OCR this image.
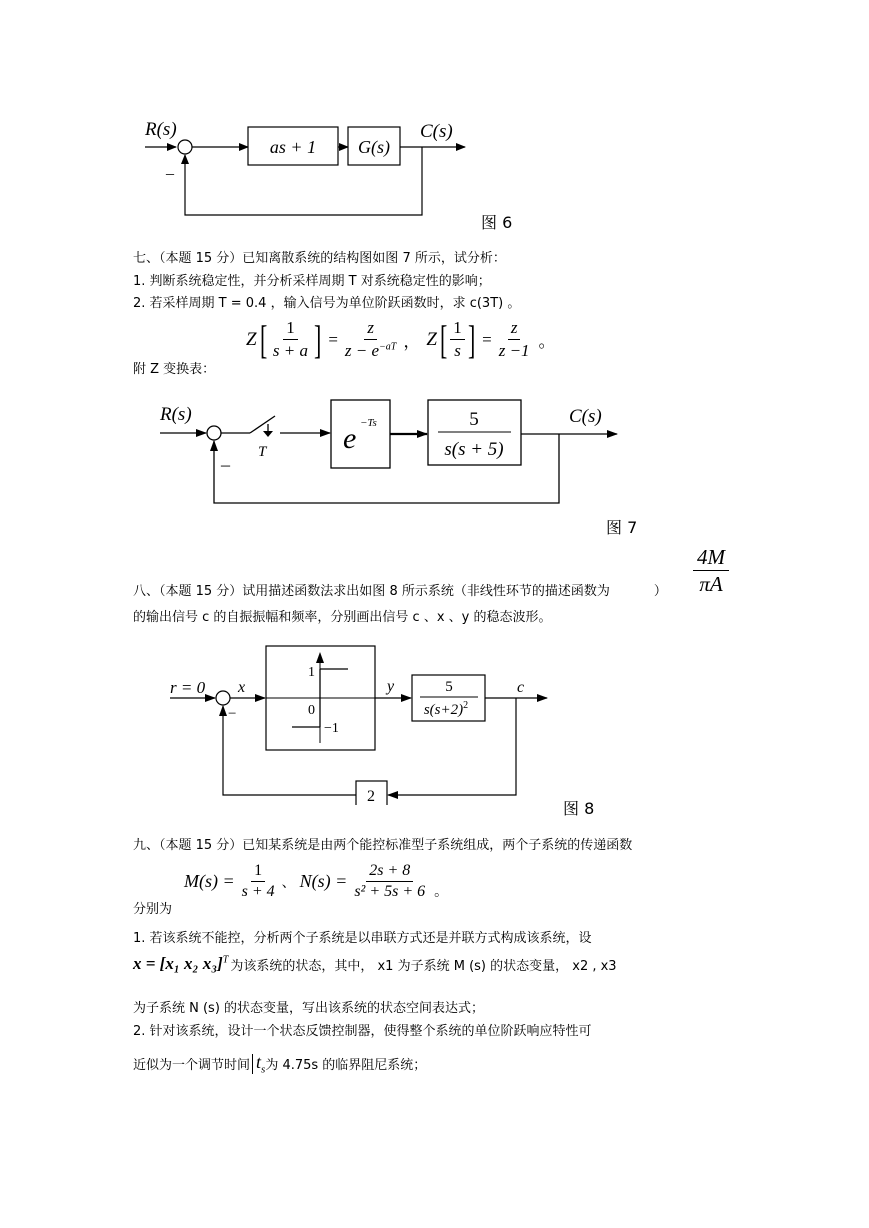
R(s)
as + 1 G(s)
C(s)
_
图 6
七、（本题 15 分）已知离散系统的结构图如图 7 所示，试分析：
1. 判断系统稳定性，并分析采样周期 T 对系统稳定性的影响；
2. 若采样周期 T = 0.4 ，输入信号为单位阶跃函数时，求 c(3T) 。
附 Z 变换表：
Z [ $\frac{1}{s + a}$ ] = $\frac{z}{z - e^{-aT}}$ ， Z [ $\frac{1}{s}$ ] = $\frac{z}{z -1}$ 。
R(s)
T	e −Ts	5
s(s + 5)
C(s)
_
图 7
$\frac{4M}{\pi A}$
八、（本题 15 分）试用描述函数法求出如图 8 所示系统（非线性环节的描述函数为	）
的输出信号 c 的自振振幅和频率，分别画出信号 c 、x 、y 的稳态波形。
r = 0
−
x
1
0
−1
y	5
$s(s+2)^2$
c
2
图 8
九、（本题 15 分）已知某系统是由两个能控标准型子系统组成，两个子系统的传递函数
分别为
$M(s) = \frac{1}{s + 4}$ 、 $N(s) = \frac{2s + 8}{\text{s² + 5s + 6}}$ 。
1. 若该系统不能控，分析两个子系统是以串联方式还是并联方式构成该系统，设
x = [x₁ x₂ x₃]$^T$ 为该系统的状态，其中， x1 为子系统 M (s) 的状态变量， x2 , x3
为子系统 N (s) 的状态变量，写出该系统的状态空间表达式；
2. 针对该系统，设计一个状态反馈控制器，使得整个系统的单位阶跃响应特性可
近似为一个调节时间 $t_s$ 为 4.75s 的临界阻尼系统；
